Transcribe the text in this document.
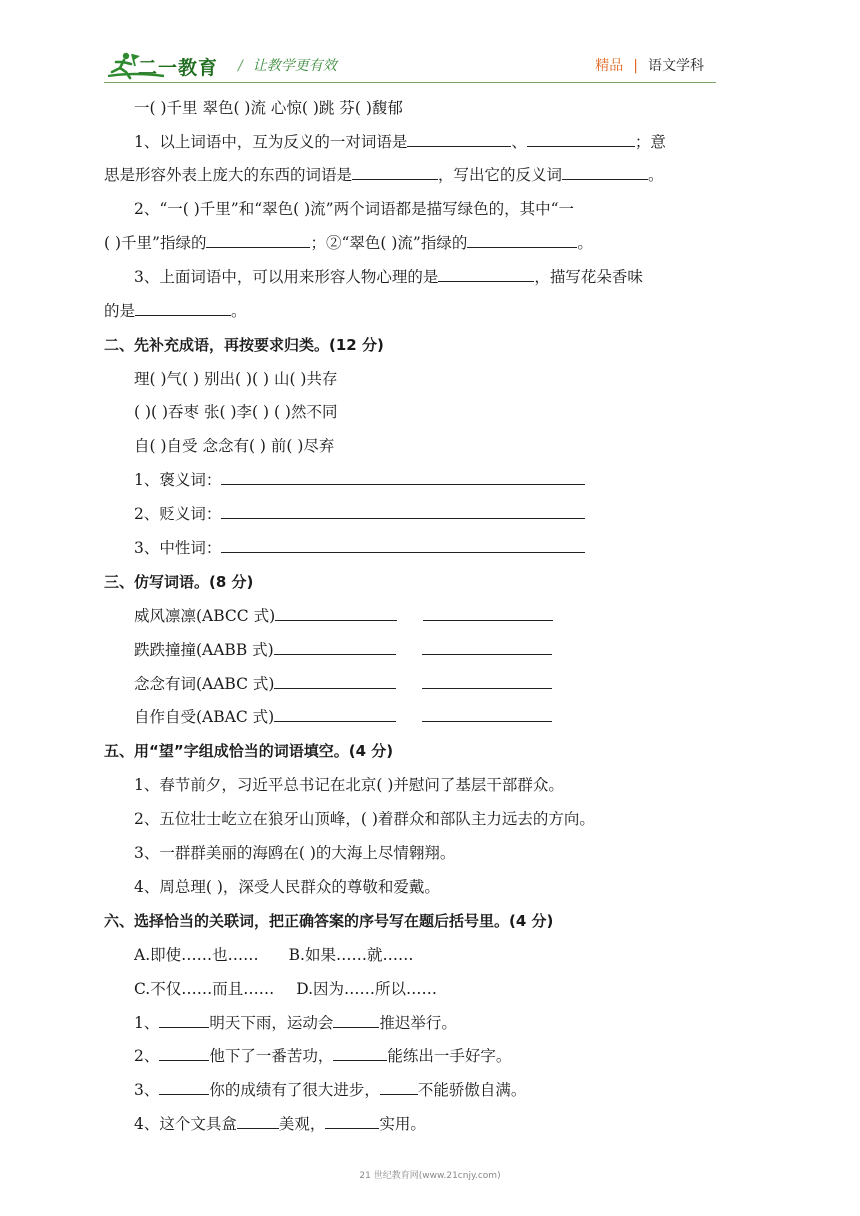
二一教育 / 让教学更有效	精品 | 语文学科
一( )千里 翠色( )流 心惊( )跳 芬( )馥郁
1、以上词语中，互为反义的一对词语是	、	；意
思是形容外表上庞大的东西的词语是	，写出它的反义词	。
2、“一( )千里”和“翠色( )流”两个词语都是描写绿色的，其中“一
( )千里”指绿的	；②“翠色( )流”指绿的	。
3、上面词语中，可以用来形容人物心理的是	，描写花朵香味
的是	。
二、先补充成语，再按要求归类。(12 分)
理( )气( ) 别出( )( ) 山( )共存
( )( )吞枣 张( )李( ) ( )然不同
自( )自受 念念有( ) 前( )尽弃
1、褒义词：
2、贬义词：
3、中性词：
三、仿写词语。(8 分)
威风凛凛(ABCC 式)
跌跌撞撞(AABB 式)
念念有词(AABC 式)
自作自受(ABAC 式)
五、用“望”字组成恰当的词语填空。(4 分)
1、春节前夕，习近平总书记在北京( )并慰问了基层干部群众。
2、五位壮士屹立在狼牙山顶峰，( )着群众和部队主力远去的方向。
3、一群群美丽的海鸥在( )的大海上尽情翱翔。
4、周总理( )，深受人民群众的尊敬和爱戴。
六、选择恰当的关联词，把正确答案的序号写在题后括号里。(4 分)
A.即使……也…… B.如果……就……
C.不仅……而且…… D.因为……所以……
1、	明天下雨，运动会	推迟举行。
2、	他下了一番苦功，	能练出一手好字。
3、	你的成绩有了很大进步， 不能骄傲自满。
4、这个文具盒	美观，	实用。
21 世纪教育网(www.21cnjy.com)
